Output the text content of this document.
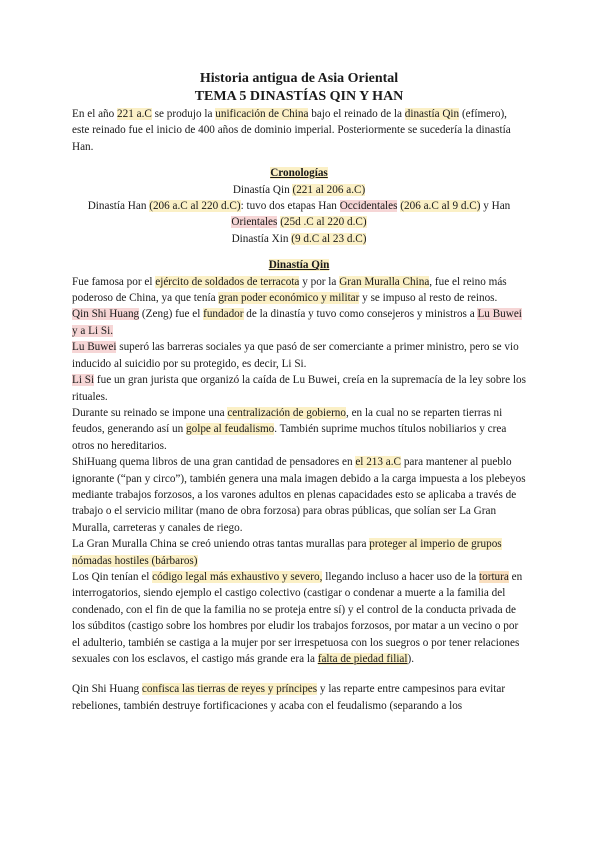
Historia antigua de Asia Oriental
TEMA 5 DINASTÍAS QIN Y HAN

En el año 221 a.C se produjo la unificación de China bajo el reinado de la dinastía Qin (efímero), este reinado fue el inicio de 400 años de dominio imperial. Posteriormente se sucedería la dinastía Han.

Cronologías

Dinastía Qin (221 al 206 a.C)

Dinastía Han (206 a.C al 220 d.C): tuvo dos etapas Han Occidentales (206 a.C al 9 d.C) y Han Orientales (25d .C al 220 d.C)

Dinastía Xin (9 d.C al 23 d.C)

Dinastía Qin

Fue famosa por el ejército de soldados de terracota y por la Gran Muralla China, fue el reino más poderoso de China, ya que tenía gran poder económico y militar y se impuso al resto de reinos.

Qin Shi Huang (Zeng) fue el fundador de la dinastía y tuvo como consejeros y ministros a Lu Buwei y a Li Si.

Lu Buwei superó las barreras sociales ya que pasó de ser comerciante a primer ministro, pero se vio inducido al suicidio por su protegido, es decir, Li Si.

Li Si fue un gran jurista que organizó la caída de Lu Buwei, creía en la supremacía de la ley sobre los rituales.

Durante su reinado se impone una centralización de gobierno, en la cual no se reparten tierras ni feudos, generando así un golpe al feudalismo. También suprime muchos títulos nobiliarios y crea otros no hereditarios.

ShiHuang quema libros de una gran cantidad de pensadores en el 213 a.C para mantener al pueblo ignorante (“pan y circo”), también genera una mala imagen debido a la carga impuesta a los plebeyos mediante trabajos forzosos, a los varones adultos en plenas capacidades esto se aplicaba a través de trabajo o el servicio militar (mano de obra forzosa) para obras públicas, que solían ser La Gran Muralla, carreteras y canales de riego.

La Gran Muralla China se creó uniendo otras tantas murallas para proteger al imperio de grupos nómadas hostiles (bárbaros)

Los Qin tenían el código legal más exhaustivo y severo, llegando incluso a hacer uso de la tortura en interrogatorios, siendo ejemplo el castigo colectivo (castigar o condenar a muerte a la familia del condenado, con el fin de que la familia no se proteja entre sí) y el control de la conducta privada de los súbditos (castigo sobre los hombres por eludir los trabajos forzosos, por matar a un vecino o por el adulterio, también se castiga a la mujer por ser irrespetuosa con los suegros o por tener relaciones sexuales con los esclavos, el castigo más grande era la falta de piedad filial).

Qin Shi Huang confisca las tierras de reyes y príncipes y las reparte entre campesinos para evitar rebeliones, también destruye fortificaciones y acaba con el feudalismo (separando a los
